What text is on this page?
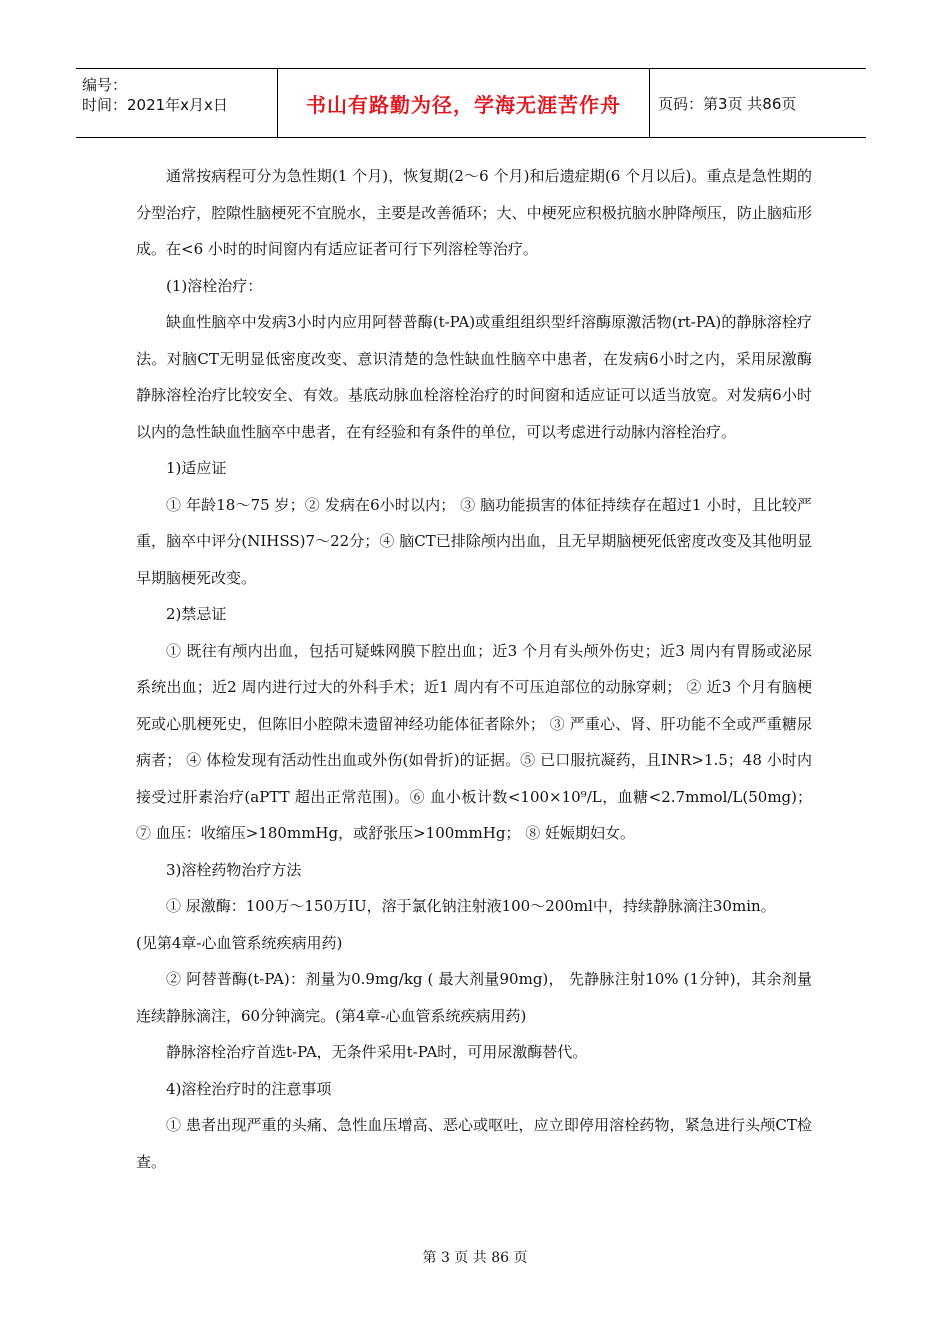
编号：
时间：2021年x月x日	书山有路勤为径，学海无涯苦作舟	页码：第3页 共86页

通常按病程可分为急性期(1 个月)，恢复期(2～6 个月)和后遗症期(6 个月以后)。重点是急性期的分型治疗，腔隙性脑梗死不宜脱水，主要是改善循环；大、中梗死应积极抗脑水肿降颅压，防止脑疝形成。在<6 小时的时间窗内有适应证者可行下列溶栓等治疗。

(1)溶栓治疗：

缺血性脑卒中发病3小时内应用阿替普酶(t-PA)或重组组织型纤溶酶原激活物(rt-PA)的静脉溶栓疗法。对脑CT无明显低密度改变、意识清楚的急性缺血性脑卒中患者，在发病6小时之内，采用尿激酶静脉溶栓治疗比较安全、有效。基底动脉血栓溶栓治疗的时间窗和适应证可以适当放宽。对发病6小时以内的急性缺血性脑卒中患者，在有经验和有条件的单位，可以考虑进行动脉内溶栓治疗。

1)适应证

① 年龄18～75 岁；② 发病在6小时以内； ③ 脑功能损害的体征持续存在超过1 小时，且比较严重，脑卒中评分(NIHSS)7～22分；④ 脑CT已排除颅内出血，且无早期脑梗死低密度改变及其他明显早期脑梗死改变。

2)禁忌证

① 既往有颅内出血，包括可疑蛛网膜下腔出血；近3 个月有头颅外伤史；近3 周内有胃肠或泌尿系统出血；近2 周内进行过大的外科手术；近1 周内有不可压迫部位的动脉穿刺； ② 近3 个月有脑梗死或心肌梗死史，但陈旧小腔隙未遗留神经功能体征者除外； ③ 严重心、肾、肝功能不全或严重糖尿病者； ④ 体检发现有活动性出血或外伤(如骨折)的证据。⑤ 已口服抗凝药，且INR>1.5；48 小时内接受过肝素治疗(aPTT 超出正常范围)。⑥ 血小板计数<100×10⁹/L，血糖<2.7mmol/L(50mg)； ⑦ 血压：收缩压>180mmHg，或舒张压>100mmHg； ⑧ 妊娠期妇女。

3)溶栓药物治疗方法

① 尿激酶：100万～150万IU，溶于氯化钠注射液100～200ml中，持续静脉滴注30min。

(见第4章-心血管系统疾病用药)

② 阿替普酶(t-PA)：剂量为0.9mg/kg ( 最大剂量90mg)， 先静脉注射10% (1分钟)，其余剂量连续静脉滴注，60分钟滴完。(第4章-心血管系统疾病用药)

静脉溶栓治疗首选t-PA，无条件采用t-PA时，可用尿激酶替代。

4)溶栓治疗时的注意事项

① 患者出现严重的头痛、急性血压增高、恶心或呕吐，应立即停用溶栓药物，紧急进行头颅CT检查。

第 3 页 共 86 页
